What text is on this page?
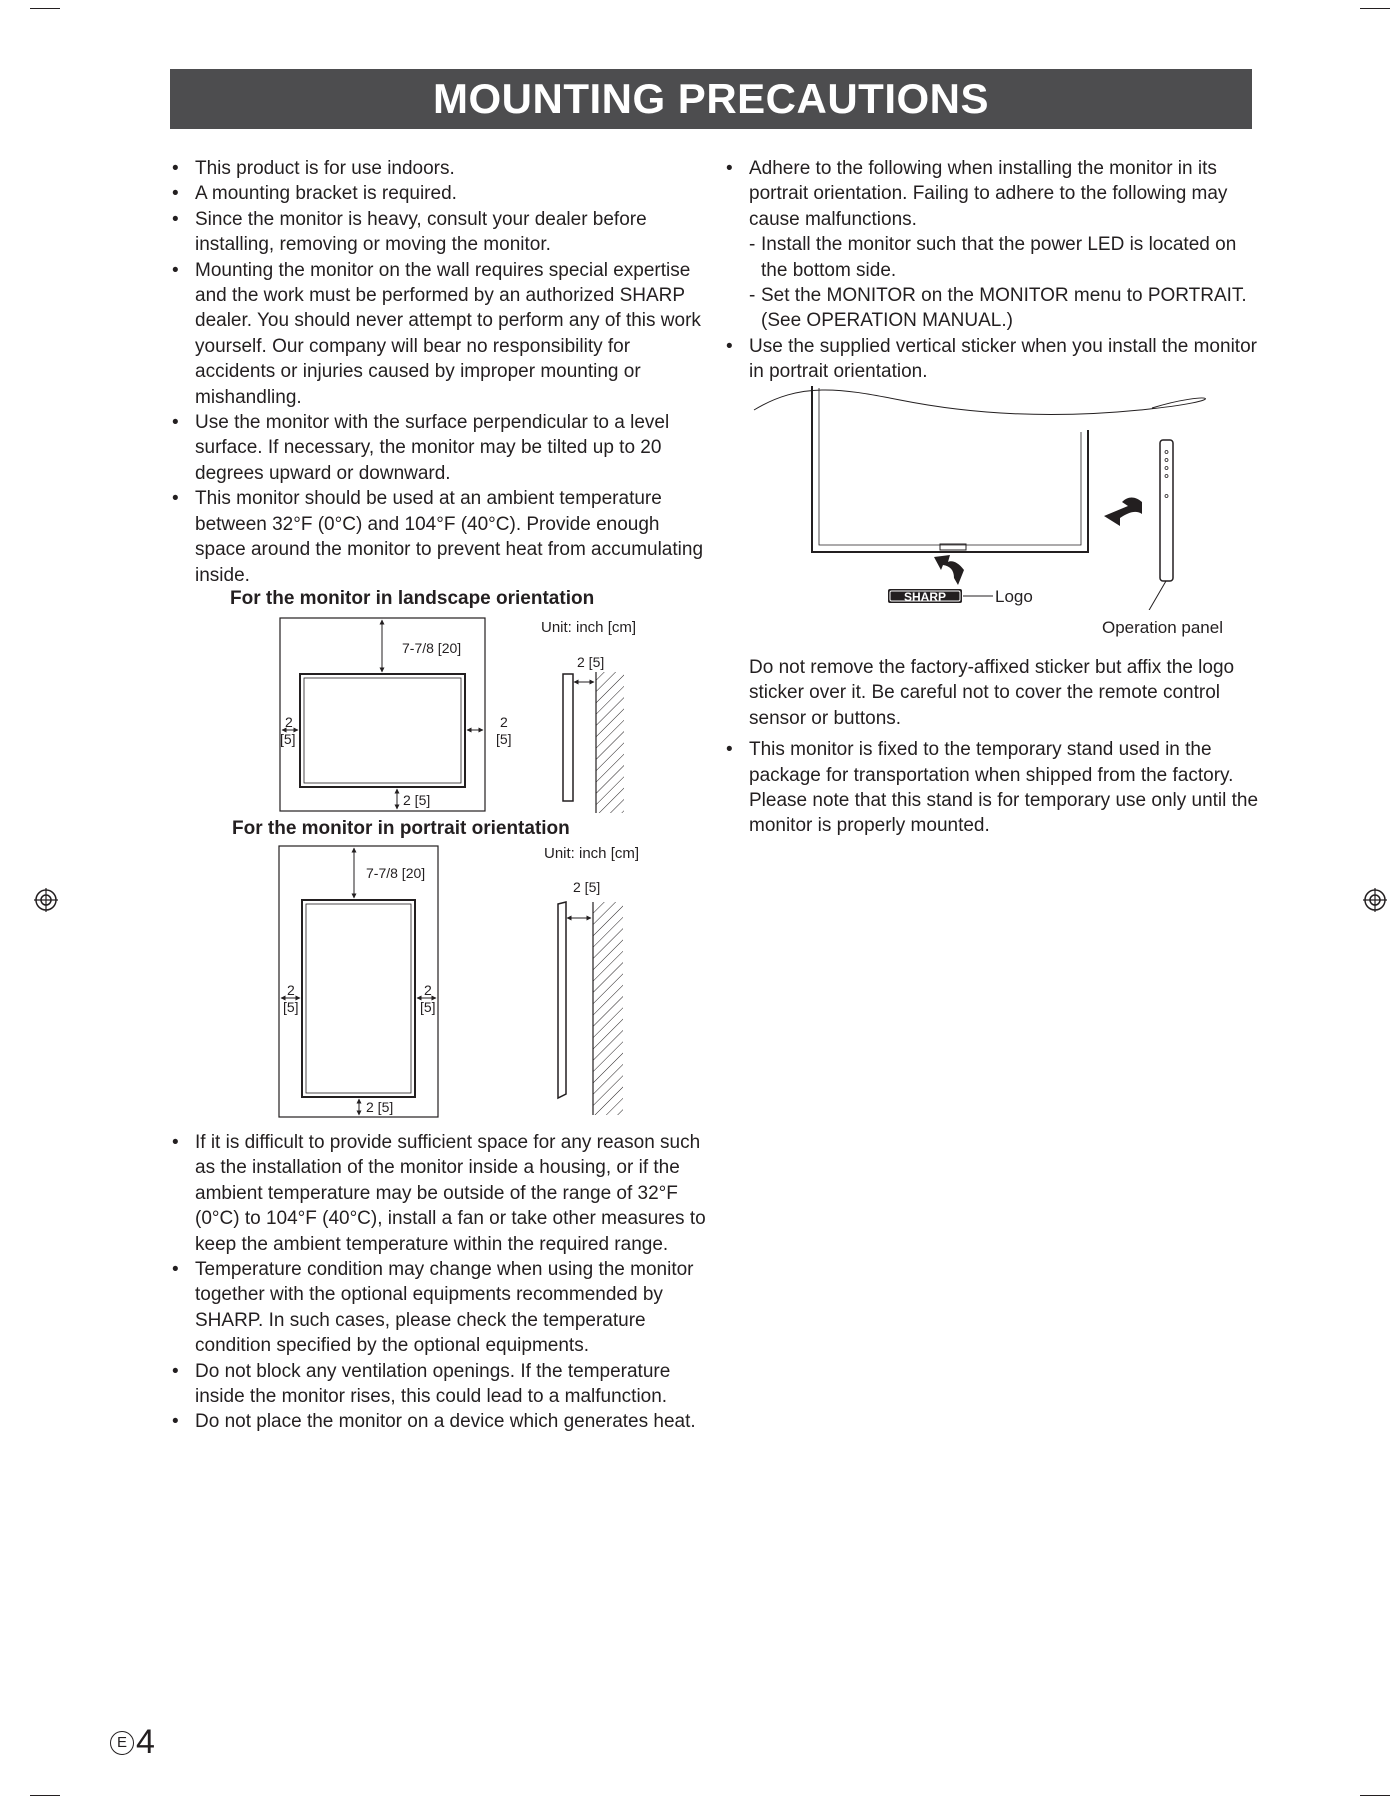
MOUNTING PRECAUTIONS
• This product is for use indoors.
• A mounting bracket is required.
• Since the monitor is heavy, consult your dealer before installing, removing or moving the monitor.
• Mounting the monitor on the wall requires special expertise and the work must be performed by an authorized SHARP dealer. You should never attempt to perform any of this work yourself. Our company will bear no responsibility for accidents or injuries caused by improper mounting or mishandling.
• Use the monitor with the surface perpendicular to a level surface. If necessary, the monitor may be tilted up to 20 degrees upward or downward.
• This monitor should be used at an ambient temperature between 32°F (0°C) and 104°F (40°C). Provide enough space around the monitor to prevent heat from accumulating inside.
For the monitor in landscape orientation
Unit: inch [cm]
7-7/8 [20]
2
[5]
2
[5]
2 [5]
2 [5]
For the monitor in portrait orientation
Unit: inch [cm]
7-7/8 [20]
2
[5]
2
[5]
2 [5]
2 [5]
• If it is difficult to provide sufficient space for any reason such as the installation of the monitor inside a housing, or if the ambient temperature may be outside of the range of 32°F (0°C) to 104°F (40°C), install a fan or take other measures to keep the ambient temperature within the required range.
• Temperature condition may change when using the monitor together with the optional equipments recommended by SHARP. In such cases, please check the temperature condition specified by the optional equipments.
• Do not block any ventilation openings. If the temperature inside the monitor rises, this could lead to a malfunction.
• Do not place the monitor on a device which generates heat.
• Adhere to the following when installing the monitor in its portrait orientation. Failing to adhere to the following may cause malfunctions.
- Install the monitor such that the power LED is located on the bottom side.
- Set the MONITOR on the MONITOR menu to PORTRAIT. (See OPERATION MANUAL.)
• Use the supplied vertical sticker when you install the monitor in portrait orientation.
SHARP	Logo
Operation panel
Do not remove the factory-affixed sticker but affix the logo sticker over it. Be careful not to cover the remote control sensor or buttons.
• This monitor is fixed to the temporary stand used in the package for transportation when shipped from the factory. Please note that this stand is for temporary use only until the monitor is properly mounted.
E 4
